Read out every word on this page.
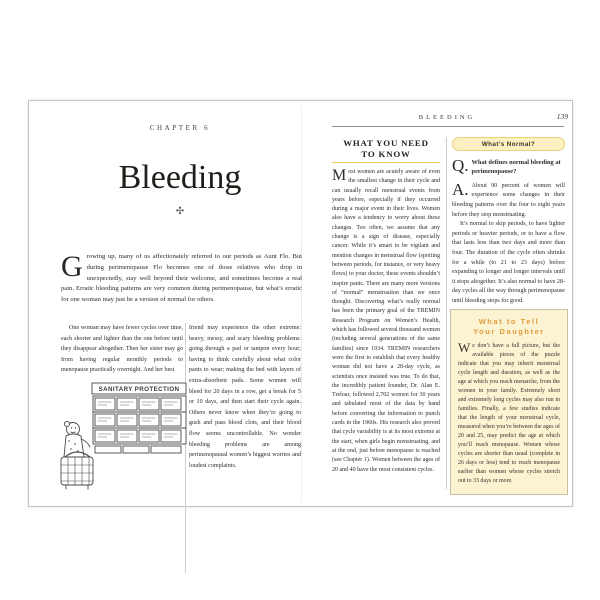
CHAPTER 6
Bleeding
✣

Growing up, many of us affectionately referred to our periods as Aunt Flo. But during perimenopause Flo becomes one of those relatives who drop in unexpectedly, stay well beyond their welcome, and sometimes become a real pain. Erratic bleeding patterns are very common during perimenopause, but what’s erratic for one woman may just be a version of normal for others.

One woman may have fewer cycles over time, each shorter and lighter than the one before until they disappear altogether. Then her sister may go from having regular monthly periods to menopause practically overnight. And her best

friend may experience the other extreme: heavy, messy, and scary bleeding problems: going through a pad or tampon every hour; having to think carefully about what color pants to wear; making the bed with layers of extra-absorbent pads. Some women will bleed for 20 days in a row, get a break for 5 or 10 days, and then start their cycle again. Others never know when they’re going to gush and pass blood clots, and their blood flow seems uncontrollable. No wonder bleeding problems are among perimenopausal women’s biggest worries and loudest complaints.

SANITARY PROTECTION
BLEEDING	139
WHAT YOU NEED
TO KNOW

Most women are acutely aware of even the smallest change in their cycle and can usually recall menstrual events from years before, especially if they occurred during a major event in their lives. Women also have a tendency to worry about these changes. Too often, we assume that any change is a sign of disease, especially cancer. While it’s smart to be vigilant and mention changes in menstrual flow (spotting between periods, for instance, or very heavy flows) to your doctor, these events shouldn’t inspire panic. There are many more versions of “normal” menstruation than we once thought. Discovering what’s really normal has been the primary goal of the TREMIN Research Program on Women’s Health, which has followed several thousand women (including several generations of the same families) since 1934. TREMIN researchers were the first to establish that every healthy woman did not have a 28-day cycle, as scientists once insisted was true. To do that, the incredibly patient founder, Dr. Alan E. Treloar, followed 2,702 women for 30 years and tabulated most of the data by hand before converting the information to punch cards in the 1960s. His research also proved that cycle variability is at its most extreme at the start, when girls begin menstruating, and at the end, just before menopause is reached (see Chapter 1). Women between the ages of 20 and 40 have the most consistent cycles.

What’s Normal?
Q. What defines normal bleeding at perimenopause?

A. About 90 percent of women will experience some changes in their bleeding patterns over the four to eight years before they stop menstruating.

It’s normal to skip periods, to have lighter periods or heavier periods, or to have a flow that lasts less than two days and more than four. The duration of the cycle often shrinks for a while (to 21 to 23 days) before expanding to longer and longer intervals until it stops altogether. It’s also normal to have 28-day cycles all the way through perimenopause until bleeding stops for good.

What to Tell
Your Daughter

We don’t have a full picture, but the available pieces of the puzzle indicate that you may inherit menstrual cycle length and duration, as well as the age at which you reach menarche, from the women in your family. Extremely short and extremely long cycles may also run in families. Finally, a few studies indicate that the length of your menstrual cycle, measured when you’re between the ages of 20 and 25, may predict the age at which you’ll reach menopause. Women whose cycles are shorter than usual (complete in 26 days or less) tend to reach menopause earlier than women whose cycles stretch out to 33 days or more.
